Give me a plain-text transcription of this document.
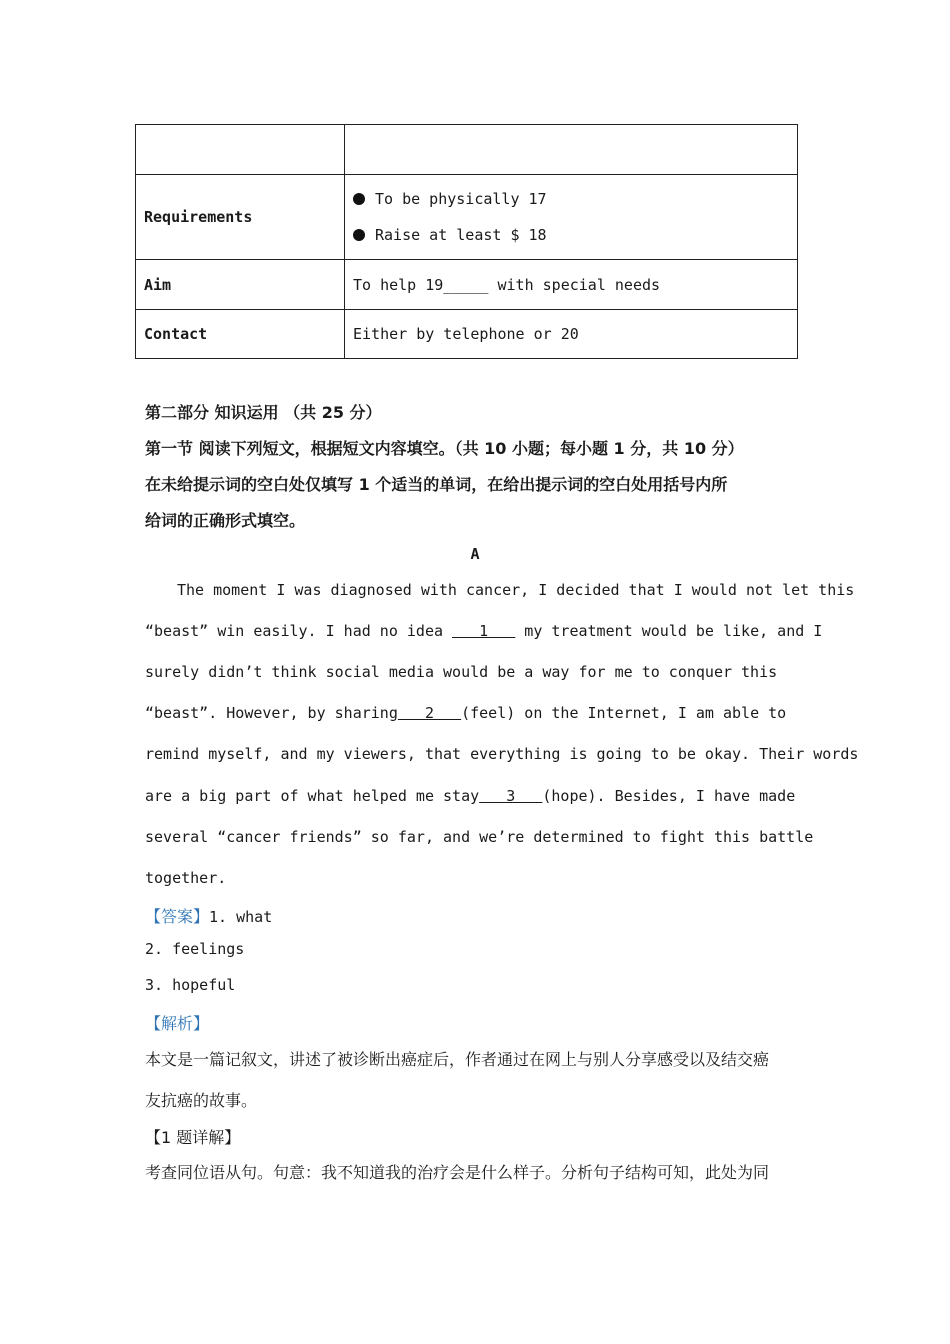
Requirements	To be physically 17
Raise at least $ 18

Aim	To help 19_____ with special needs
Contact	Either by telephone or 20
第二部分 知识运用 （共 25 分）
第一节 阅读下列短文，根据短文内容填空。（共 10 小题；每小题 1 分，共 10 分）
在未给提示词的空白处仅填写 1 个适当的单词，在给出提示词的空白处用括号内所
给词的正确形式填空。
A
The moment I was diagnosed with cancer, I decided that I would not let this
“beast” win easily. I had no idea    1    my treatment would be like, and I
surely didn’t think social media would be a way for me to conquer this
“beast”. However, by sharing   2   (feel) on the Internet, I am able to
remind myself, and my viewers, that everything is going to be okay. Their words
are a big part of what helped me stay   3   (hope). Besides, I have made
several “cancer friends” so far, and we’re determined to fight this battle
together.
【答案】1. what
2. feelings
3. hopeful
【解析】
本文是一篇记叙文，讲述了被诊断出癌症后，作者通过在网上与别人分享感受以及结交癌
友抗癌的故事。
【1 题详解】
考查同位语从句。句意：我不知道我的治疗会是什么样子。分析句子结构可知，此处为同
